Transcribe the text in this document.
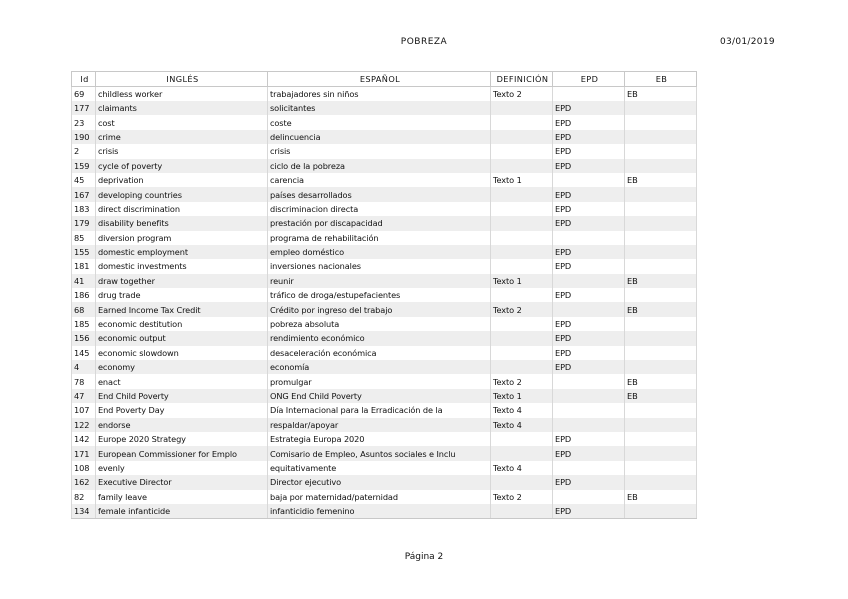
POBREZA	03/01/2019
Id	INGLÉS	ESPAÑOL	DEFINICIÓN	EPD	EB
69	childless worker	trabajadores sin niños	Texto 2		EB
177	claimants	solicitantes		EPD	
23	cost	coste		EPD	
190	crime	delincuencia		EPD	
2	crisis	crisis		EPD	
159	cycle of poverty	ciclo de la pobreza		EPD	
45	deprivation	carencia	Texto 1		EB
167	developing countries	países desarrollados		EPD	
183	direct discrimination	discriminacion directa		EPD	
179	disability benefits	prestación por discapacidad		EPD	
85	diversion program	programa de rehabilitación			
155	domestic employment	empleo doméstico		EPD	
181	domestic investments	inversiones nacionales		EPD	
41	draw together	reunir	Texto 1		EB
186	drug trade	tráfico de droga/estupefacientes		EPD	
68	Earned Income Tax Credit	Crédito por ingreso del trabajo	Texto 2		EB
185	economic destitution	pobreza absoluta		EPD	
156	economic output	rendimiento económico		EPD	
145	economic slowdown	desaceleración económica		EPD	
4	economy	economía		EPD	
78	enact	promulgar	Texto 2		EB
47	End Child Poverty	ONG End Child Poverty	Texto 1		EB
107	End Poverty Day	Día Internacional para la Erradicación de la	Texto 4		
122	endorse	respaldar/apoyar	Texto 4		
142	Europe 2020 Strategy	Estrategia Europa 2020		EPD	
171	European Commissioner for Emplo	Comisario de Empleo, Asuntos sociales e Inclu		EPD	
108	evenly	equitativamente	Texto 4		
162	Executive Director	Director ejecutivo		EPD	
82	family leave	baja por maternidad/paternidad	Texto 2		EB
134	female infanticide	infanticidio femenino		EPD	
Página 2
